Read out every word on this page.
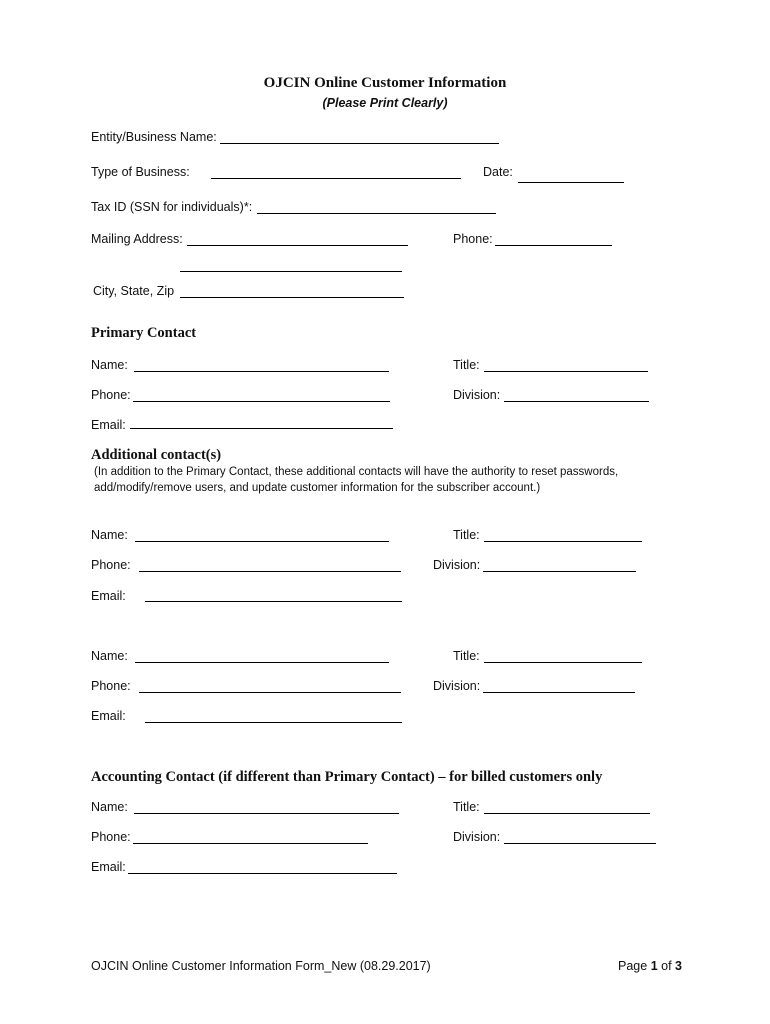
OJCIN Online Customer Information
(Please Print Clearly)
Entity/Business Name:
Type of Business:	Date:
Tax ID (SSN for individuals)*:
Mailing Address:	Phone:
City, State, Zip
Primary Contact
Name:	Title:
Phone:	Division:
Email:
Additional contact(s)
(In addition to the Primary Contact, these additional contacts will have the authority to reset passwords, add/modify/remove users, and update customer information for the subscriber account.)
Name:	Title:
Phone:	Division:
Email:
Name:	Title:
Phone:	Division:
Email:
Accounting Contact (if different than Primary Contact) – for billed customers only
Name:	Title:
Phone:	Division:
Email:
OJCIN Online Customer Information Form_New (08.29.2017)	Page 1 of 3
